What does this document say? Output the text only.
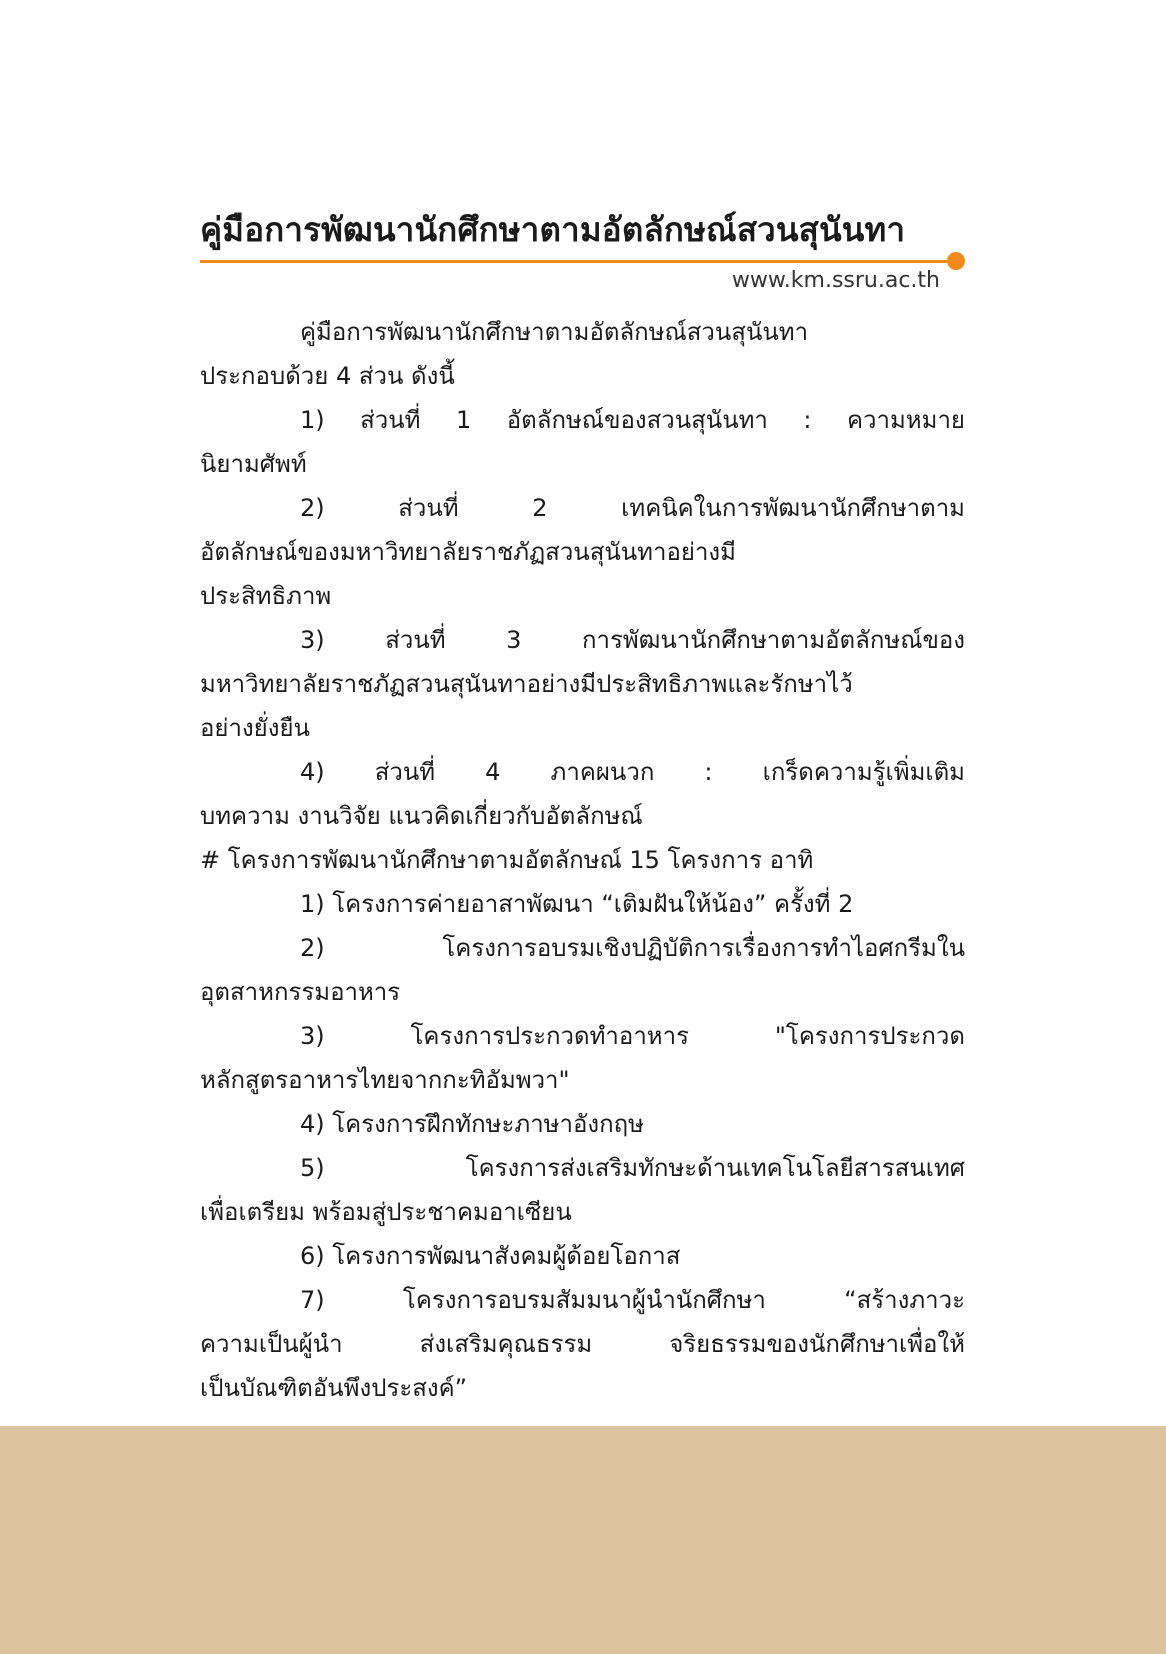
คู่มือการพัฒนานักศึกษาตามอัตลักษณ์สวนสุนันทา
www.km.ssru.ac.th
คู่มือการพัฒนานักศึกษาตามอัตลักษณ์สวนสุนันทา
ประกอบด้วย 4 ส่วน ดังนี้
1) ส่วนที่ 1 อัตลักษณ์ของสวนสุนันทา : ความหมาย
นิยามศัพท์
2) ส่วนที่ 2 เทคนิคในการพัฒนานักศึกษาตาม
อัตลักษณ์ของมหาวิทยาลัยราชภัฏสวนสุนันทาอย่างมี
ประสิทธิภาพ
3) ส่วนที่ 3 การพัฒนานักศึกษาตามอัตลักษณ์ของ
มหาวิทยาลัยราชภัฏสวนสุนันทาอย่างมีประสิทธิภาพและรักษาไว้
อย่างยั่งยืน
4) ส่วนที่ 4 ภาคผนวก : เกร็ดความรู้เพิ่มเติม
บทความ งานวิจัย แนวคิดเกี่ยวกับอัตลักษณ์
# โครงการพัฒนานักศึกษาตามอัตลักษณ์ 15 โครงการ อาทิ
1) โครงการค่ายอาสาพัฒนา “เติมฝันให้น้อง” ครั้งที่ 2
2) โครงการอบรมเชิงปฏิบัติการเรื่องการทำไอศกรีมใน
อุตสาหกรรมอาหาร
3) โครงการประกวดทำอาหาร "โครงการประกวด
หลักสูตรอาหารไทยจากกะทิอัมพวา"
4) โครงการฝึกทักษะภาษาอังกฤษ
5) โครงการส่งเสริมทักษะด้านเทคโนโลยีสารสนเทศ
เพื่อเตรียม พร้อมสู่ประชาคมอาเซียน
6) โครงการพัฒนาสังคมผู้ด้อยโอกาส
7) โครงการอบรมสัมมนาผู้นำนักศึกษา “สร้างภาวะ
ความเป็นผู้นำ ส่งเสริมคุณธรรม จริยธรรมของนักศึกษาเพื่อให้
เป็นบัณฑิตอันพึงประสงค์”
